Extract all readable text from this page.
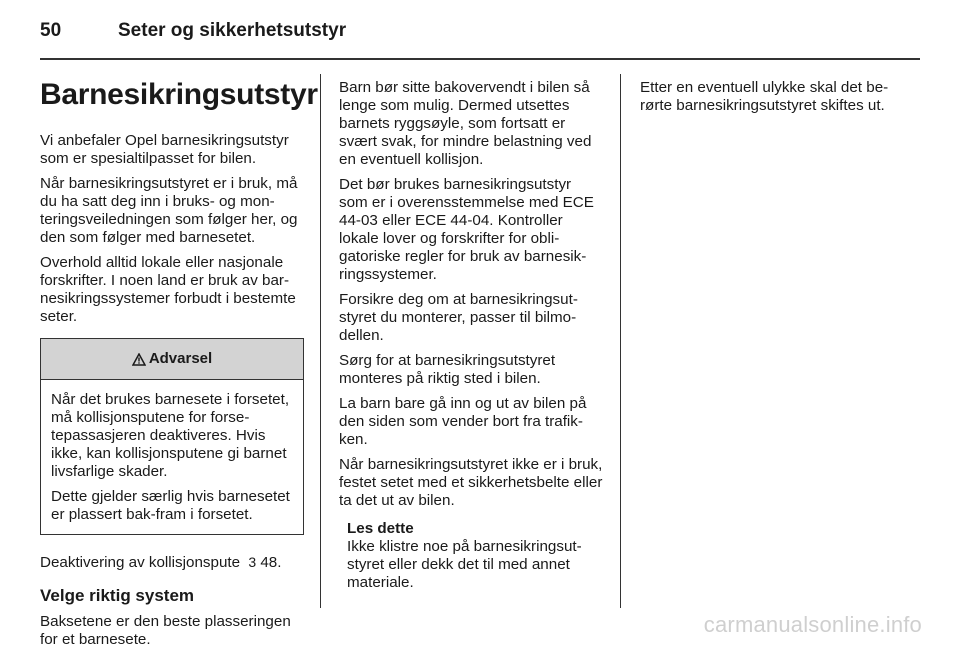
50	Seter og sikkerhetsutstyr
Barnesikringsutstyr

Vi anbefaler Opel barnesikringsutstyr som er spesialtilpasset for bilen.

Når barnesikringsutstyret er i bruk, må du ha satt deg inn i bruks- og monteringsveiledningen som følger her, og den som følger med barnesetet.

Overhold alltid lokale eller nasjonale forskrifter. I noen land er bruk av barnesikringssystemer forbudt i bestemte seter.

Advarsel

Når det brukes barnesete i forsetet, må kollisjonsputene for forsetepassasjeren deaktiveres. Hvis ikke, kan kollisjonsputene gi barnet livsfarlige skader.

Dette gjelder særlig hvis barnesetet er plassert bak-fram i forsetet.

Deaktivering av kollisjonspute 3 48.

Velge riktig system

Baksetene er den beste plasseringen for et barnesete.

Barn bør sitte bakovervendt i bilen så lenge som mulig. Dermed utsettes barnets ryggsøyle, som fortsatt er svært svak, for mindre belastning ved en eventuell kollisjon.

Det bør brukes barnesikringsutstyr som er i overensstemmelse med ECE 44-03 eller ECE 44-04. Kontroller lokale lover og forskrifter for obligatoriske regler for bruk av barnesikringssystemer.

Forsikre deg om at barnesikringsutstyret du monterer, passer til bilmodellen.

Sørg for at barnesikringsutstyret monteres på riktig sted i bilen.

La barn bare gå inn og ut av bilen på den siden som vender bort fra trafikken.

Når barnesikringsutstyret ikke er i bruk, festet setet med et sikkerhetsbelte eller ta det ut av bilen.

Les dette
Ikke klistre noe på barnesikringsutstyret eller dekk det til med annet materiale.

Etter en eventuell ulykke skal det berørte barnesikringsutstyret skiftes ut.

carmanualsonline.info
